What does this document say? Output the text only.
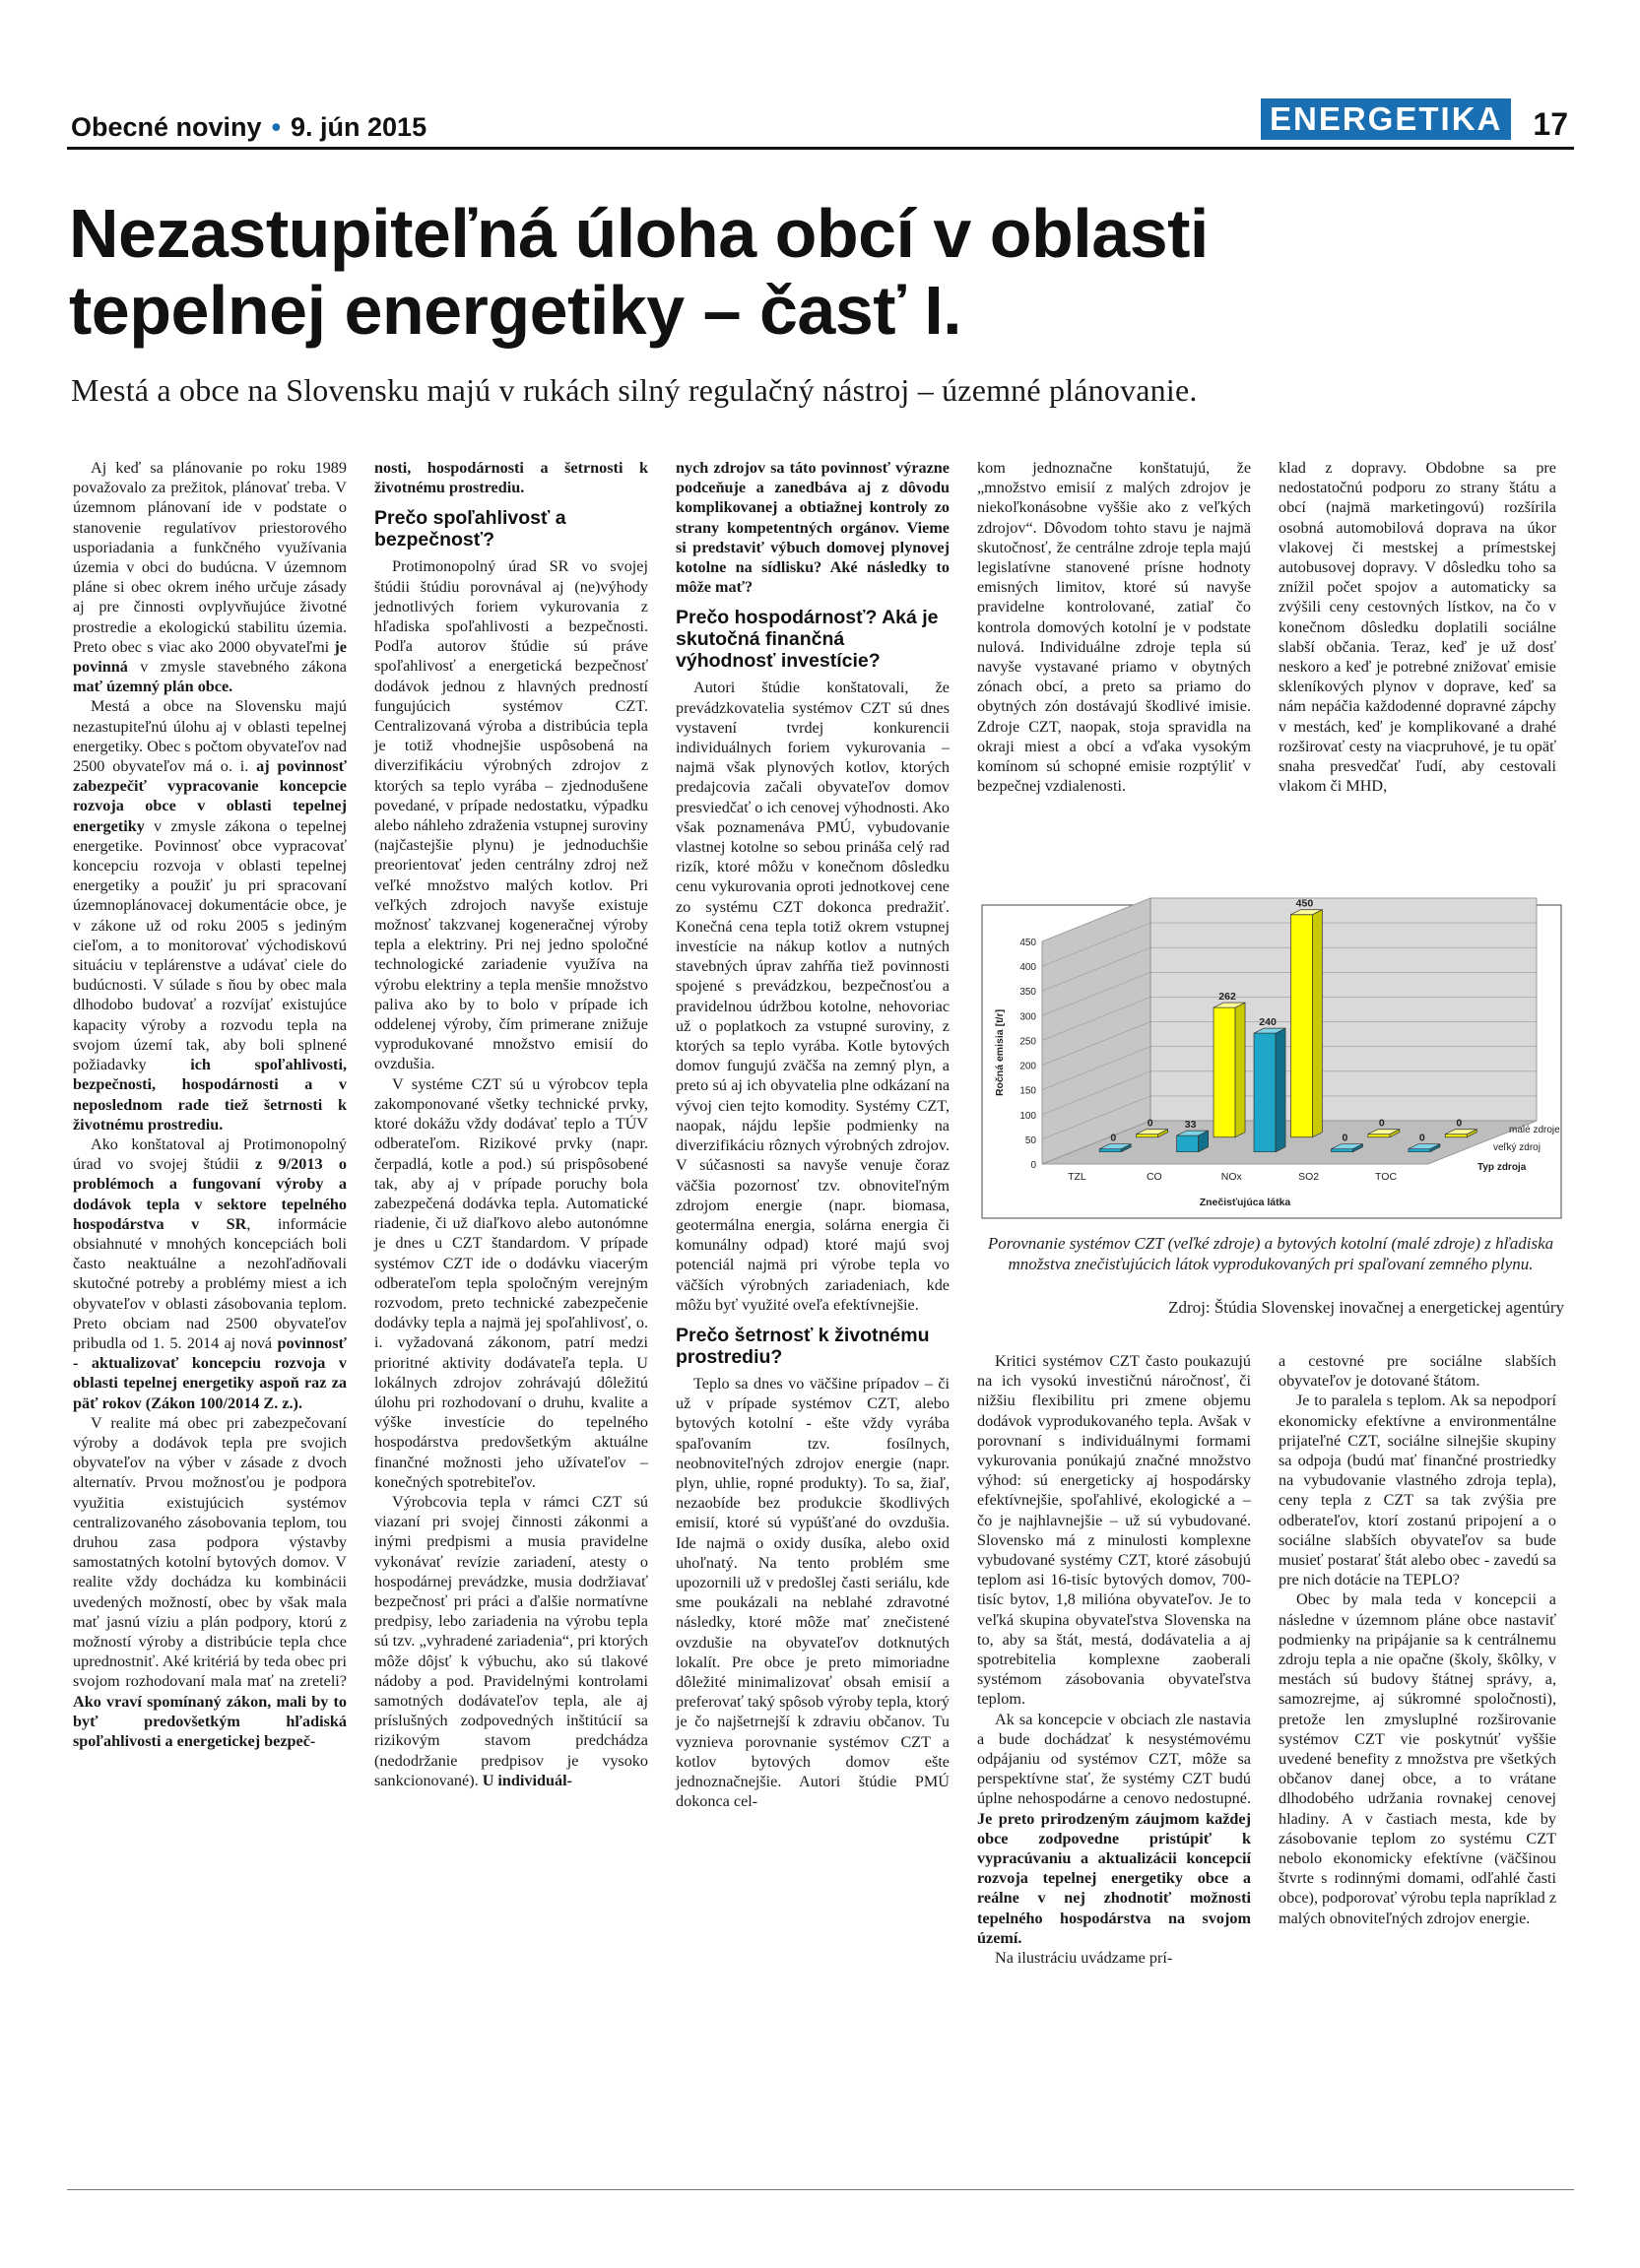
Obecné noviny • 9. jún 2015	ENERGETIKA 17
Nezastupiteľná úloha obcí v oblasti
tepelnej energetiky – časť I.
Mestá a obce na Slovensku majú v rukách silný regulačný nástroj – územné plánovanie.

Aj keď sa plánovanie po roku 1989 považovalo za prežitok, plánovať treba. V územnom plánovaní ide v podstate o stanovenie regulatívov priestorového usporiadania a funkčného využívania územia v obci do budúcna. V územnom pláne si obec okrem iného určuje zásady aj pre činnosti ovplyvňujúce životné prostredie a ekologickú stabilitu územia. Preto obec s viac ako 2000 obyvateľmi je povinná v zmysle stavebného zákona mať územný plán obce.

Mestá a obce na Slovensku majú nezastupiteľnú úlohu aj v oblasti tepelnej energetiky. Obec s počtom obyvateľov nad 2500 obyvateľov má o. i. aj povinnosť zabezpečiť vypracovanie koncepcie rozvoja obce v oblasti tepelnej energetiky v zmysle zákona o tepelnej energetike. Povinnosť obce vypracovať koncepciu rozvoja v oblasti tepelnej energetiky a použiť ju pri spracovaní územnoplánovacej dokumentácie obce, je v zákone už od roku 2005 s jediným cieľom, a to monitorovať východiskovú situáciu v teplárenstve a udávať ciele do budúcnosti. V súlade s ňou by obec mala dlhodobo budovať a rozvíjať existujúce kapacity výroby a rozvodu tepla na svojom území tak, aby boli splnené požiadavky ich spoľahlivosti, bezpečnosti, hospodárnosti a v neposlednom rade tiež šetrnosti k životnému prostrediu.

Ako konštatoval aj Protimonopolný úrad vo svojej štúdii z 9/2013 o problémoch a fungovaní výroby a dodávok tepla v sektore tepelného hospodárstva v SR, informácie obsiahnuté v mnohých koncepciách boli často neaktuálne a nezohľadňovali skutočné potreby a problémy miest a ich obyvateľov v oblasti zásobovania teplom. Preto obciam nad 2500 obyvateľov pribudla od 1. 5. 2014 aj nová povinnosť - aktualizovať koncepciu rozvoja v oblasti tepelnej energetiky aspoň raz za päť rokov (Zákon 100/2014 Z. z.).

V realite má obec pri zabezpečovaní výroby a dodávok tepla pre svojich obyvateľov na výber v zásade z dvoch alternatív. Prvou možnosťou je podpora využitia existujúcich systémov centralizovaného zásobovania teplom, tou druhou zasa podpora výstavby samostatných kotolní bytových domov. V realite vždy dochádza ku kombinácii uvedených možností, obec by však mala mať jasnú víziu a plán podpory, ktorú z možností výroby a distribúcie tepla chce uprednostniť. Aké kritériá by teda obec pri svojom rozhodovaní mala mať na zreteli? Ako vraví spomínaný zákon, mali by to byť predovšetkým hľadiská spoľahlivosti a energetickej bezpeč-

nosti, hospodárnosti a šetrnosti k životnému prostrediu.

Prečo spoľahlivosť a bezpečnosť?

Protimonopolný úrad SR vo svojej štúdii štúdiu porovnával aj (ne)výhody jednotlivých foriem vykurovania z hľadiska spoľahlivosti a bezpečnosti. Podľa autorov štúdie sú práve spoľahlivosť a energetická bezpečnosť dodávok jednou z hlavných predností fungujúcich systémov CZT. Centralizovaná výroba a distribúcia tepla je totiž vhodnejšie uspôsobená na diverzifikáciu výrobných zdrojov z ktorých sa teplo vyrába – zjednodušene povedané, v prípade nedostatku, výpadku alebo náhleho zdraženia vstupnej suroviny (najčastejšie plynu) je jednoduchšie preorientovať jeden centrálny zdroj než veľké množstvo malých kotlov. Pri veľkých zdrojoch navyše existuje možnosť takzvanej kogeneračnej výroby tepla a elektriny. Pri nej jedno spoločné technologické zariadenie využíva na výrobu elektriny a tepla menšie množstvo paliva ako by to bolo v prípade ich oddelenej výroby, čím primerane znižuje vyprodukované množstvo emisií do ovzdušia.

V systéme CZT sú u výrobcov tepla zakomponované všetky technické prvky, ktoré dokážu vždy dodávať teplo a TÚV odberateľom. Rizikové prvky (napr. čerpadlá, kotle a pod.) sú prispôsobené tak, aby aj v prípade poruchy bola zabezpečená dodávka tepla. Automatické riadenie, či už diaľkovo alebo autonómne je dnes u CZT štandardom. V prípade systémov CZT ide o dodávku viacerým odberateľom tepla spoločným verejným rozvodom, preto technické zabezpečenie dodávky tepla a najmä jej spoľahlivosť, o. i. vyžadovaná zákonom, patrí medzi prioritné aktivity dodávateľa tepla. U lokálnych zdrojov zohrávajú dôležitú úlohu pri rozhodovaní o druhu, kvalite a výške investície do tepelného hospodárstva predovšetkým aktuálne finančné možnosti jeho užívateľov – konečných spotrebiteľov.

Výrobcovia tepla v rámci CZT sú viazaní pri svojej činnosti zákonmi a inými predpismi a musia pravidelne vykonávať revízie zariadení, atesty o hospodárnej prevádzke, musia dodržiavať bezpečnosť pri práci a ďalšie normatívne predpisy, lebo zariadenia na výrobu tepla sú tzv. „vyhradené zariadenia“, pri ktorých môže dôjsť k výbuchu, ako sú tlakové nádoby a pod. Pravidelnými kontrolami samotných dodávateľov tepla, ale aj príslušných zodpovedných inštitúcií sa rizikovým stavom predchádza (nedodržanie predpisov je vysoko sankcionované). U individuál-

nych zdrojov sa táto povinnosť výrazne podceňuje a zanedbáva aj z dôvodu komplikovanej a obtiažnej kontroly zo strany kompetentných orgánov. Vieme si predstaviť výbuch domovej plynovej kotolne na sídlisku? Aké následky to môže mať?

Prečo hospodárnosť? Aká je skutočná finančná výhodnosť investície?

Autori štúdie konštatovali, že prevádzkovatelia systémov CZT sú dnes vystavení tvrdej konkurencii individuálnych foriem vykurovania – najmä však plynových kotlov, ktorých predajcovia začali obyvateľov domov presviedčať o ich cenovej výhodnosti. Ako však poznamenáva PMÚ, vybudovanie vlastnej kotolne so sebou prináša celý rad rizík, ktoré môžu v konečnom dôsledku cenu vykurovania oproti jednotkovej cene zo systému CZT dokonca predražiť. Konečná cena tepla totiž okrem vstupnej investície na nákup kotlov a nutných stavebných úprav zahŕňa tiež povinnosti spojené s prevádzkou, bezpečnosťou a pravidelnou údržbou kotolne, nehovoriac už o poplatkoch za vstupné suroviny, z ktorých sa teplo vyrába. Kotle bytových domov fungujú zväčša na zemný plyn, a preto sú aj ich obyvatelia plne odkázaní na vývoj cien tejto komodity. Systémy CZT, naopak, nájdu lepšie podmienky na diverzifikáciu rôznych výrobných zdrojov. V súčasnosti sa navyše venuje čoraz väčšia pozornosť tzv. obnoviteľným zdrojom energie (napr. biomasa, geotermálna energia, solárna energia či komunálny odpad) ktoré majú svoj potenciál najmä pri výrobe tepla vo väčších výrobných zariadeniach, kde môžu byť využité oveľa efektívnejšie.

Prečo šetrnosť k životnému prostrediu?

Teplo sa dnes vo väčšine prípadov – či už v prípade systémov CZT, alebo bytových kotolní - ešte vždy vyrába spaľovaním tzv. fosílnych, neobnoviteľných zdrojov energie (napr. plyn, uhlie, ropné produkty). To sa, žiaľ, nezaobíde bez produkcie škodlivých emisií, ktoré sú vypúšťané do ovzdušia. Ide najmä o oxidy dusíka, alebo oxid uhoľnatý. Na tento problém sme upozornili už v predošlej časti seriálu, kde sme poukázali na neblahé zdravotné následky, ktoré môže mať znečistené ovzdušie na obyvateľov dotknutých lokalít. Pre obce je preto mimoriadne dôležité minimalizovať obsah emisií a preferovať taký spôsob výroby tepla, ktorý je čo najšetrnejší k zdraviu občanov. Tu vyznieva porovnanie systémov CZT a kotlov bytových domov ešte jednoznačnejšie. Autori štúdie PMÚ dokonca cel-

kom jednoznačne konštatujú, že „množstvo emisií z malých zdrojov je niekoľkonásobne vyššie ako z veľkých zdrojov“. Dôvodom tohto stavu je najmä skutočnosť, že centrálne zdroje tepla majú legislatívne stanovené prísne hodnoty emisných limitov, ktoré sú navyše pravidelne kontrolované, zatiaľ čo kontrola domových kotolní je v podstate nulová. Individuálne zdroje tepla sú navyše vystavané priamo v obytných zónach obcí, a preto sa priamo do obytných zón dostávajú škodlivé imisie. Zdroje CZT, naopak, stoja spravidla na okraji miest a obcí a vďaka vysokým komínom sú schopné emisie rozptýliť v bezpečnej vzdialenosti.

klad z dopravy. Obdobne sa pre nedostatočnú podporu zo strany štátu a obcí (najmä marketingovú) rozšírila osobná automobilová doprava na úkor vlakovej či mestskej a prímestskej autobusovej dopravy. V dôsledku toho sa znížil počet spojov a automaticky sa zvýšili ceny cestovných lístkov, na čo v konečnom dôsledku doplatili sociálne slabší občania. Teraz, keď je už dosť neskoro a keď je potrebné znižovať emisie skleníkových plynov v doprave, keď sa nám nepáčia každodenné dopravné zápchy v mestách, keď je komplikované a drahé rozširovať cesty na viacpruhové, je tu opäť snaha presvedčať ľudí, aby cestovali vlakom či MHD,

0
50
100
150
200
250
300
350
400
450
Ročná emisia [t/r]
0
262
450
0	0
0
33
240
0	0
TZL	CO	NOx	SO2	TOC
Znečisťujúca látka
malé zdroje
veľký zdroj
Typ zdroja
Porovnanie systémov CZT (veľké zdroje) a bytových kotolní (malé zdroje) z hľadiska množstva znečisťujúcich látok vyprodukovaných pri spaľovaní zemného plynu.
Zdroj: Štúdia Slovenskej inovačnej a energetickej agentúry

Kritici systémov CZT často poukazujú na ich vysokú investičnú náročnosť, či nižšiu flexibilitu pri zmene objemu dodávok vyprodukovaného tepla. Avšak v porovnaní s individuálnymi formami vykurovania ponúkajú značné množstvo výhod: sú energeticky aj hospodársky efektívnejšie, spoľahlivé, ekologické a – čo je najhlavnejšie – už sú vybudované. Slovensko má z minulosti komplexne vybudované systémy CZT, ktoré zásobujú teplom asi 16-tisíc bytových domov, 700-tisíc bytov, 1,8 milióna obyvateľov. Je to veľká skupina obyvateľstva Slovenska na to, aby sa štát, mestá, dodávatelia a aj spotrebitelia komplexne zaoberali systémom zásobovania obyvateľstva teplom.

Ak sa koncepcie v obciach zle nastavia a bude dochádzať k nesystémovému odpájaniu od systémov CZT, môže sa perspektívne stať, že systémy CZT budú úplne nehospodárne a cenovo nedostupné. Je preto prirodzeným záujmom každej obce zodpovedne pristúpiť k vypracúvaniu a aktualizácii koncepcií rozvoja tepelnej energetiky obce a reálne v nej zhodnotiť možnosti tepelného hospodárstva na svojom území.

Na ilustráciu uvádzame prí-

a cestovné pre sociálne slabších obyvateľov je dotované štátom.

Je to paralela s teplom. Ak sa nepodporí ekonomicky efektívne a environmentálne prijateľné CZT, sociálne silnejšie skupiny sa odpoja (budú mať finančné prostriedky na vybudovanie vlastného zdroja tepla), ceny tepla z CZT sa tak zvýšia pre odberateľov, ktorí zostanú pripojení a o sociálne slabších obyvateľov sa bude musieť postarať štát alebo obec - zavedú sa pre nich dotácie na TEPLO?

Obec by mala teda v koncepcii a následne v územnom pláne obce nastaviť podmienky na pripájanie sa k centrálnemu zdroju tepla a nie opačne (školy, škôlky, v mestách sú budovy štátnej správy, a, samozrejme, aj súkromné spoločnosti), pretože len zmysluplné rozširovanie systémov CZT vie poskytnúť vyššie uvedené benefity z množstva pre všetkých občanov danej obce, a to vrátane dlhodobého udržania rovnakej cenovej hladiny. A v častiach mesta, kde by zásobovanie teplom zo systému CZT nebolo ekonomicky efektívne (väčšinou štvrte s rodinnými domami, odľahlé časti obce), podporovať výrobu tepla napríklad z malých obnoviteľných zdrojov energie.
